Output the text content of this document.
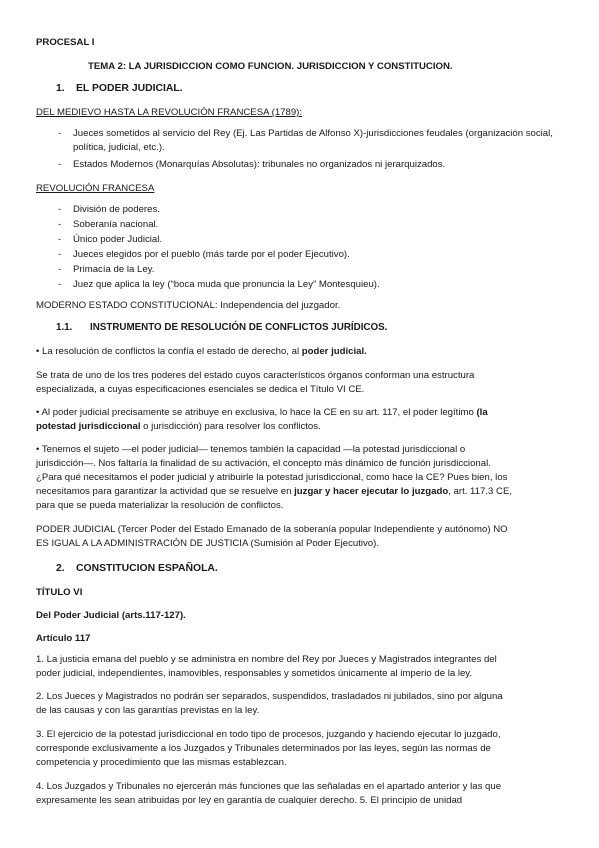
PROCESAL I
TEMA 2: LA JURISDICCION COMO FUNCION. JURISDICCION Y CONSTITUCION.
1. EL PODER JUDICIAL.
DEL MEDIEVO HASTA LA REVOLUCIÓN FRANCESA (1789):
- Jueces sometidos al servicio del Rey (Ej. Las Partidas de Alfonso X)-jurisdicciones feudales (organización social, política, judicial, etc.).
- Estados Modernos (Monarquías Absolutas): tribunales no organizados ni jerarquizados.
REVOLUCIÓN FRANCESA
- División de poderes.
- Soberanía nacional.
- Único poder Judicial.
- Jueces elegidos por el pueblo (más tarde por el poder Ejecutivo).
- Primacía de la Ley.
- Juez que aplica la ley (“boca muda que pronuncia la Ley” Montesquieu).
MODERNO ESTADO CONSTITUCIONAL: Independencia del juzgador.
1.1. INSTRUMENTO DE RESOLUCIÓN DE CONFLICTOS JURÍDICOS.
• La resolución de conflictos la confía el estado de derecho, al poder judicial.
Se trata de uno de los tres poderes del estado cuyos característicos órganos conforman una estructura
especializada, a cuyas especificaciones esenciales se dedica el Título VI CE.
• Al poder judicial precisamente se atribuye en exclusiva, lo hace la CE en su art. 117, el poder legítimo (la
potestad jurisdiccional o jurisdicción) para resolver los conflictos.
• Tenemos el sujeto —el poder judicial— tenemos también la capacidad —la potestad jurisdiccional o
jurisdicción—. Nos faltaría la finalidad de su activación, el concepto más dinámico de función jurisdiccional.
¿Para qué necesitamos el poder judicial y atribuirle la potestad jurisdiccional, como hace la CE? Pues bien, los
necesitamos para garantizar la actividad que se resuelve en juzgar y hacer ejecutar lo juzgado, art. 117.3 CE,
para que se pueda materializar la resolución de conflictos.
PODER JUDICIAL (Tercer Poder del Estado Emanado de la soberanía popular Independiente y autónomo) NO
ES IGUAL A LA ADMINISTRACIÓN DE JUSTICIA (Sumisión al Poder Ejecutivo).
2. CONSTITUCION ESPAÑOLA.
TÍTULO VI
Del Poder Judicial (arts.117-127).
Artículo 117
1. La justicia emana del pueblo y se administra en nombre del Rey por Jueces y Magistrados integrantes del
poder judicial, independientes, inamovibles, responsables y sometidos únicamente al imperio de la ley.
2. Los Jueces y Magistrados no podrán ser separados, suspendidos, trasladados ni jubilados, sino por alguna
de las causas y con las garantías previstas en la ley.
3. El ejercicio de la potestad jurisdiccional en todo tipo de procesos, juzgando y haciendo ejecutar lo juzgado,
corresponde exclusivamente a los Juzgados y Tribunales determinados por las leyes, según las normas de
competencia y procedimiento que las mismas establezcan.
4. Los Juzgados y Tribunales no ejercerán más funciones que las señaladas en el apartado anterior y las que
expresamente les sean atribuidas por ley en garantía de cualquier derecho. 5. El principio de unidad
